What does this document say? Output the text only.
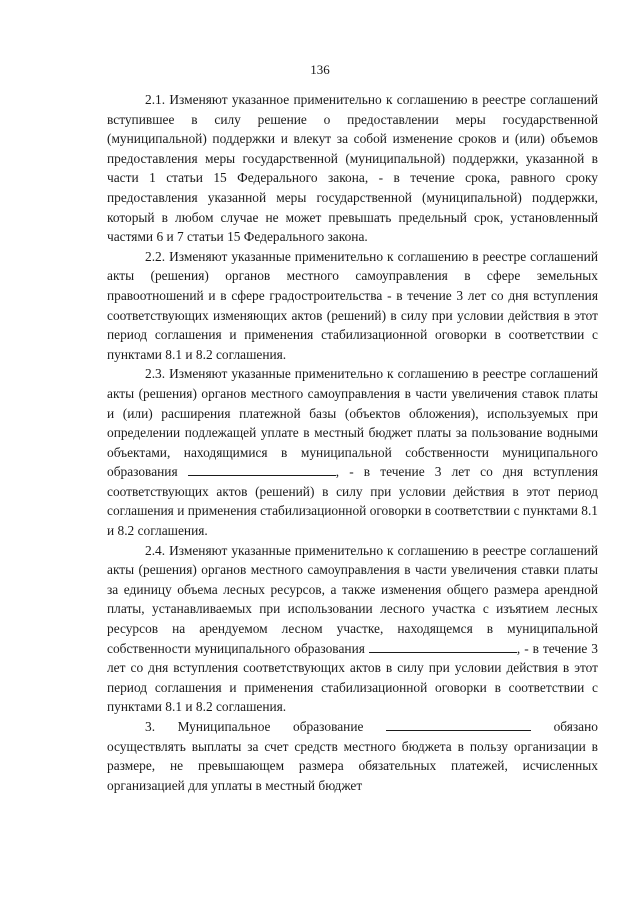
136

2.1. Изменяют указанное применительно к соглашению в реестре соглашений вступившее в силу решение о предоставлении меры государственной (муниципальной) поддержки и влекут за собой изменение сроков и (или) объемов предоставления меры государственной (муниципальной) поддержки, указанной в части 1 статьи 15 Федерального закона, - в течение срока, равного сроку предоставления указанной меры государственной (муниципальной) поддержки, который в любом случае не может превышать предельный срок, установленный частями 6 и 7 статьи 15 Федерального закона.

2.2. Изменяют указанные применительно к соглашению в реестре соглашений акты (решения) органов местного самоуправления в сфере земельных правоотношений и в сфере градостроительства - в течение 3 лет со дня вступления соответствующих изменяющих актов (решений) в силу при условии действия в этот период соглашения и применения стабилизационной оговорки в соответствии с пунктами 8.1 и 8.2 соглашения.

2.3. Изменяют указанные применительно к соглашению в реестре соглашений акты (решения) органов местного самоуправления в части увеличения ставок платы и (или) расширения платежной базы (объектов обложения), используемых при определении подлежащей уплате в местный бюджет платы за пользование водными объектами, находящимися в муниципальной собственности муниципального образования	, - в течение 3 лет со дня вступления соответствующих актов (решений) в силу при условии действия в этот период соглашения и применения стабилизационной оговорки в соответствии с пунктами 8.1 и 8.2 соглашения.

2.4. Изменяют указанные применительно к соглашению в реестре соглашений акты (решения) органов местного самоуправления в части увеличения ставки платы за единицу объема лесных ресурсов, а также изменения общего размера арендной платы, устанавливаемых при использовании лесного участка с изъятием лесных ресурсов на арендуемом лесном участке, находящемся в муниципальной собственности муниципального образования	, - в течение 3 лет со дня вступления соответствующих актов в силу при условии действия в этот период соглашения и применения стабилизационной оговорки в соответствии с пунктами 8.1 и 8.2 соглашения.

3. Муниципальное образование	обязано осуществлять выплаты за счет средств местного бюджета в пользу организации в размере, не превышающем размера обязательных платежей, исчисленных организацией для уплаты в местный бюджет
